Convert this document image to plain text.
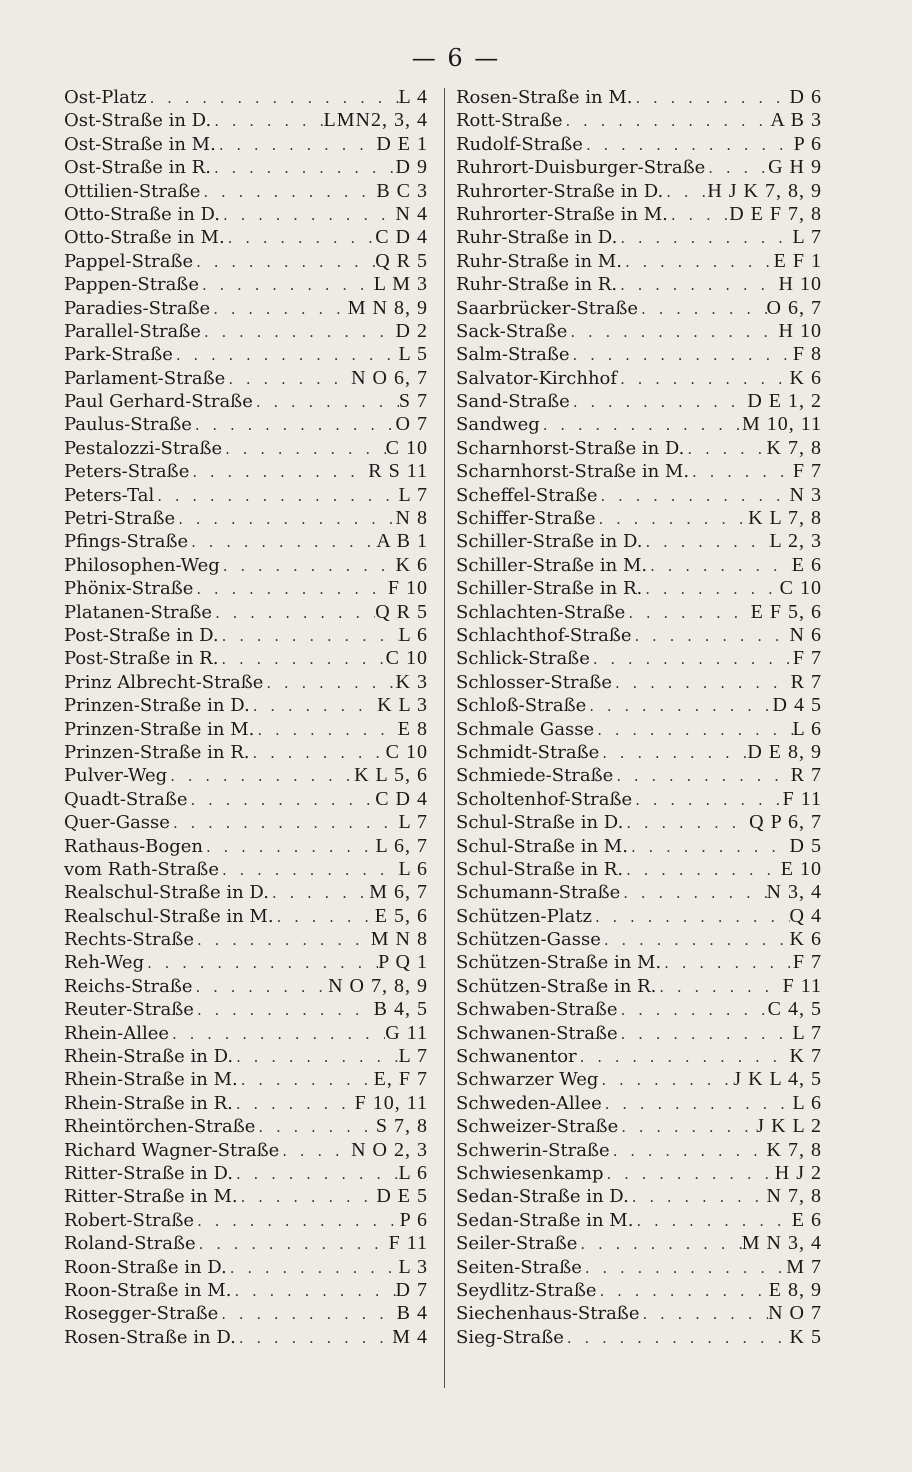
— 6 —
Ost-Platz . . .	L 4
Ost-Straße in D. . . .	LMN2, 3, 4
Ost-Straße in M. . . .	D E 1
Ost-Straße in R. . . .	D 9
Ottilien-Straße . . .	B C 3
Otto-Straße in D. . . .	N 4
Otto-Straße in M. . . .	C D 4
Pappel-Straße . . .	Q R 5
Pappen-Straße . . .	L M 3
Paradies-Straße . . .	M N 8, 9
Parallel-Straße . . .	D 2
Park-Straße . . .	L 5
Parlament-Straße . . .	N O 6, 7
Paul Gerhard-Straße . . .	S 7
Paulus-Straße . . .	O 7
Pestalozzi-Straße . . .	C 10
Peters-Straße . . .	R S 11
Peters-Tal . . .	L 7
Petri-Straße . . .	N 8
Pfings-Straße . . .	A B 1
Philosophen-Weg . . .	K 6
Phönix-Straße . . .	F 10
Platanen-Straße . . .	Q R 5
Post-Straße in D. . . .	L 6
Post-Straße in R. . . .	C 10
Prinz Albrecht-Straße . . .	K 3
Prinzen-Straße in D. . . .	K L 3
Prinzen-Straße in M. . . .	E 8
Prinzen-Straße in R. . . .	C 10
Pulver-Weg . . .	K L 5, 6
Quadt-Straße . . .	C D 4
Quer-Gasse . . .	L 7
Rathaus-Bogen . . .	L 6, 7
vom Rath-Straße . . .	L 6
Realschul-Straße in D. . . .	M 6, 7
Realschul-Straße in M. . . .	E 5, 6
Rechts-Straße . . .	M N 8
Reh-Weg . . .	P Q 1
Reichs-Straße . . .	N O 7, 8, 9
Reuter-Straße . . .	B 4, 5
Rhein-Allee . . .	G 11
Rhein-Straße in D. . . .	L 7
Rhein-Straße in M. . . .	E, F 7
Rhein-Straße in R. . . .	F 10, 11
Rheintörchen-Straße . . .	S 7, 8
Richard Wagner-Straße . . .	N O 2, 3
Ritter-Straße in D. . . .	L 6
Ritter-Straße in M. . . .	D E 5
Robert-Straße . . .	P 6
Roland-Straße . . .	F 11
Roon-Straße in D. . . .	L 3
Roon-Straße in M. . . .	D 7
Rosegger-Straße . . .	B 4
Rosen-Straße in D. . . .	M 4
Rosen-Straße in M. . . .	D 6
Rott-Straße . . .	A B 3
Rudolf-Straße . . .	P 6
Ruhrort-Duisburger-Straße . . .	G H 9
Ruhrorter-Straße in D. . . . H J K 7, 8, 9
Ruhrorter-Straße in M. . . .	D E F 7, 8
Ruhr-Straße in D. . . .	L 7
Ruhr-Straße in M. . . .	E F 1
Ruhr-Straße in R. . . .	H 10
Saarbrücker-Straße . . .	O 6, 7
Sack-Straße . . .	H 10
Salm-Straße . . .	F 8
Salvator-Kirchhof . . .	K 6
Sand-Straße . . .	D E 1, 2
Sandweg . . .	M 10, 11
Scharnhorst-Straße in D. . . .	K 7, 8
Scharnhorst-Straße in M. . . .	F 7
Scheffel-Straße . . .	N 3
Schiffer-Straße . . .	K L 7, 8
Schiller-Straße in D. . . .	L 2, 3
Schiller-Straße in M. . . .	E 6
Schiller-Straße in R. . . .	C 10
Schlachten-Straße . . .	E F 5, 6
Schlachthof-Straße . . .	N 6
Schlick-Straße . . .	F 7
Schlosser-Straße . . .	R 7
Schloß-Straße . . .	D 4 5
Schmale Gasse . . .	L 6
Schmidt-Straße . . .	D E 8, 9
Schmiede-Straße . . .	R 7
Scholtenhof-Straße . . .	F 11
Schul-Straße in D. . . .	Q P 6, 7
Schul-Straße in M. . . .	D 5
Schul-Straße in R. . . .	E 10
Schumann-Straße . . .	N 3, 4
Schützen-Platz . . .	Q 4
Schützen-Gasse . . .	K 6
Schützen-Straße in M. . . .	F 7
Schützen-Straße in R. . . .	F 11
Schwaben-Straße . . .	C 4, 5
Schwanen-Straße . . .	L 7
Schwanentor . . .	K 7
Schwarzer Weg . . .	J K L 4, 5
Schweden-Allee . . .	L 6
Schweizer-Straße . . .	J K L 2
Schwerin-Straße . . .	K 7, 8
Schwiesenkamp . . .	H J 2
Sedan-Straße in D. . . .	N 7, 8
Sedan-Straße in M. . . .	E 6
Seiler-Straße . . .	M N 3, 4
Seiten-Straße . . .	M 7
Seydlitz-Straße . . .	E 8, 9
Siechenhaus-Straße . . .	N O 7
Sieg-Straße . . .	K 5
